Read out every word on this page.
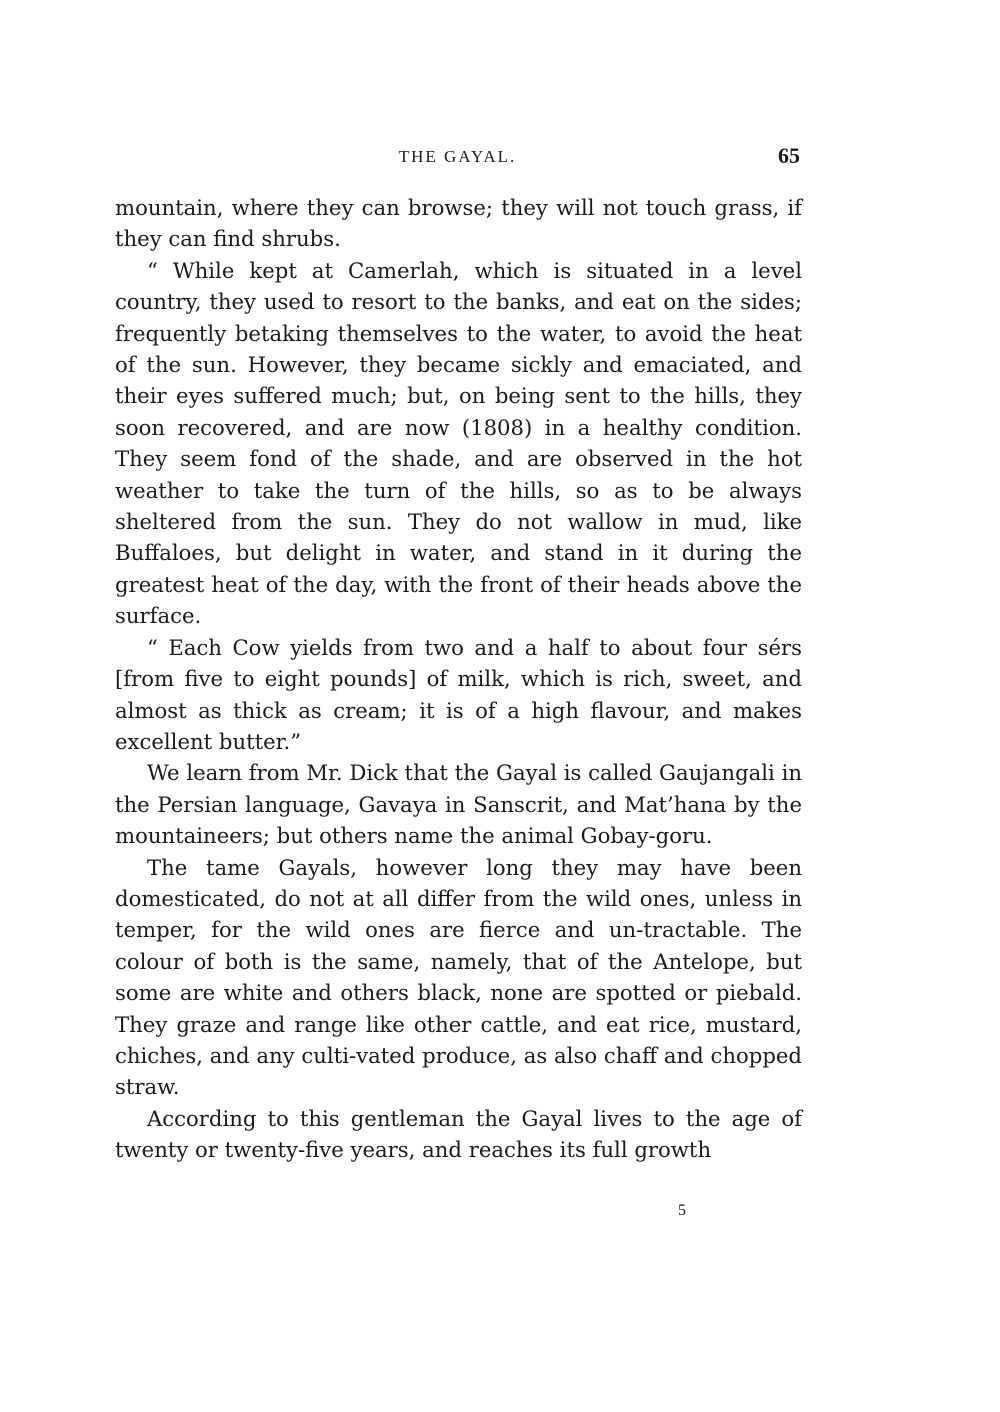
THE GAYAL.	65

mountain, where they can browse; they will not touch grass, if they can find shrubs.

“ While kept at Camerlah, which is situated in a level country, they used to resort to the banks, and eat on the sides; frequently betaking themselves to the water, to avoid the heat of the sun. However, they became sickly and emaciated, and their eyes suffered much; but, on being sent to the hills, they soon recovered, and are now (1808) in a healthy condition. They seem fond of the shade, and are observed in the hot weather to take the turn of the hills, so as to be always sheltered from the sun. They do not wallow in mud, like Buffaloes, but delight in water, and stand in it during the greatest heat of the day, with the front of their heads above the surface.

“ Each Cow yields from two and a half to about four sérs [from five to eight pounds] of milk, which is rich, sweet, and almost as thick as cream; it is of a high flavour, and makes excellent butter.”

We learn from Mr. Dick that the Gayal is called Gaujangali in the Persian language, Gavaya in Sanscrit, and Mat’hana by the mountaineers; but others name the animal Gobay-goru.

The tame Gayals, however long they may have been domesticated, do not at all differ from the wild ones, unless in temper, for the wild ones are fierce and un-tractable. The colour of both is the same, namely, that of the Antelope, but some are white and others black, none are spotted or piebald. They graze and range like other cattle, and eat rice, mustard, chiches, and any culti-vated produce, as also chaff and chopped straw.

According to this gentleman the Gayal lives to the age of twenty or twenty-five years, and reaches its full growth

5
